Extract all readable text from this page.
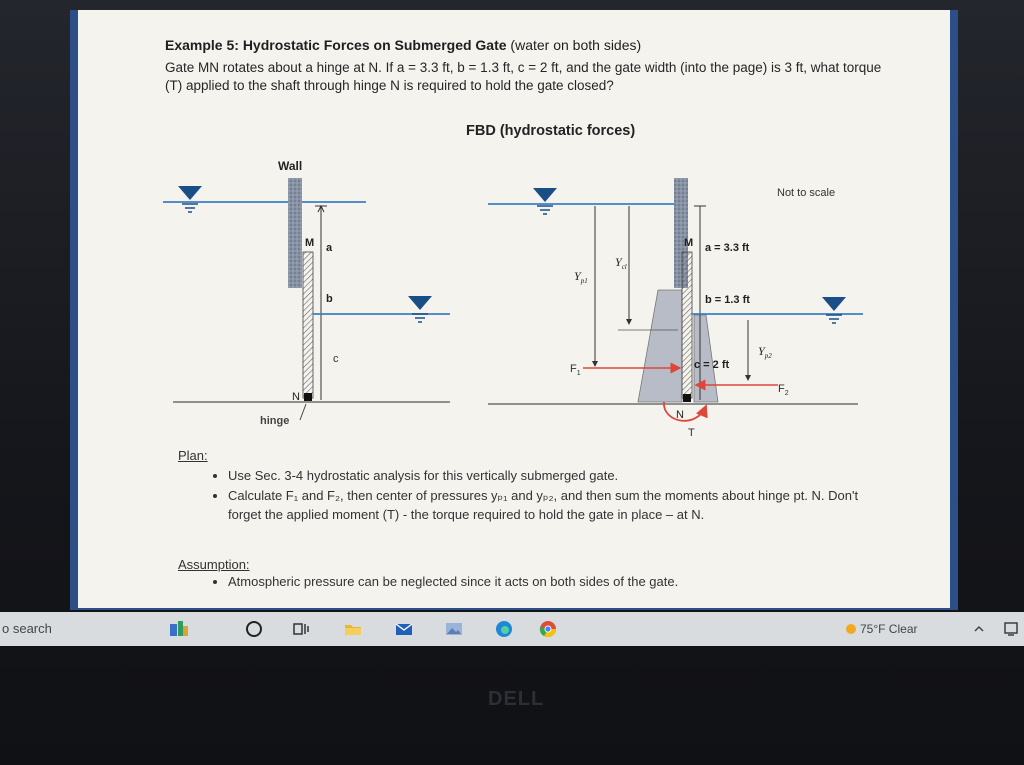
Example 5: Hydrostatic Forces on Submerged Gate (water on both sides)
Gate MN rotates about a hinge at N. If a = 3.3 ft, b = 1.3 ft, c = 2 ft, and the gate width (into the page) is 3 ft, what torque (T) applied to the shaft through hinge N is required to hold the gate closed?
FBD (hydrostatic forces)
Wall
M a
b
c
N
hinge
Not to scale
M a = 3.3 ft
b = 1.3 ft
c = 2 ft
$Y_{cl}$
$Y_{p1}$
$Y_{p2}$
$F_1$
$F_2$
N
T
Plan:
• Use Sec. 3-4 hydrostatic analysis for this vertically submerged gate.
• Calculate F₁ and F₂, then center of pressures yₚ₁ and yₚ₂, and then sum the moments about hinge pt. N. Don't forget the applied moment (T) - the torque required to hold the gate in place – at N.
Assumption:
• Atmospheric pressure can be neglected since it acts on both sides of the gate.
o search	75°F Clear
DELL
